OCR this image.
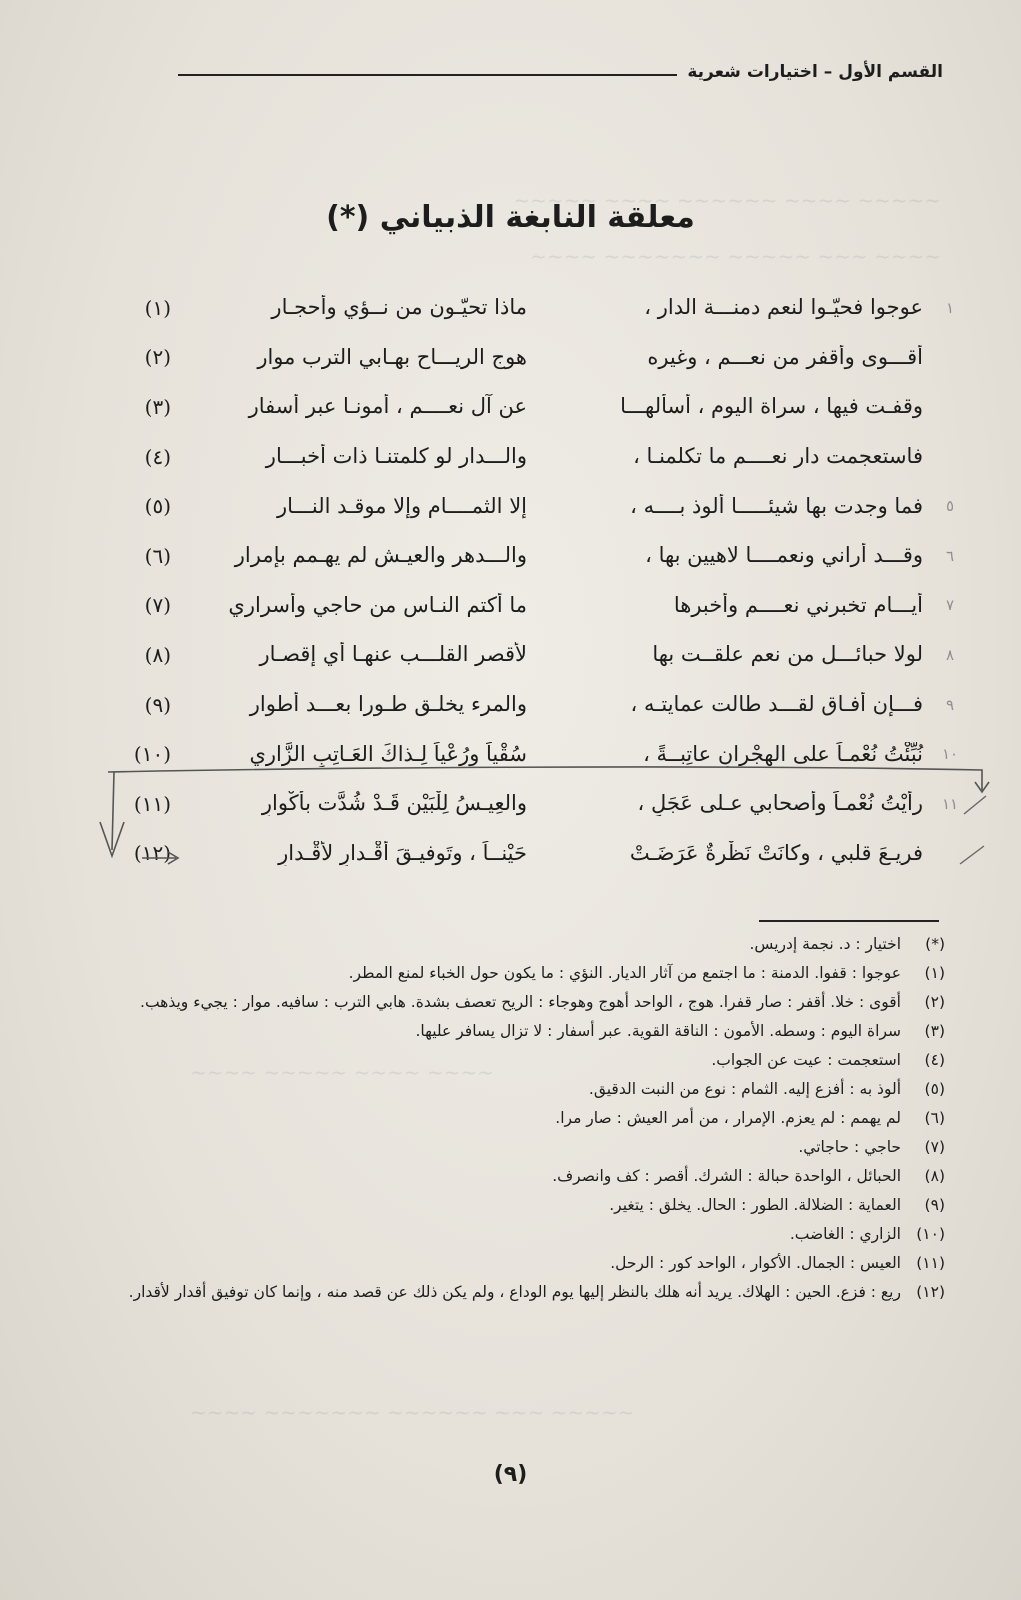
~~~~~ ~~~~ ~~~~~~ ~~~~ ~~~~~
~~~~ ~~~ ~~~~~ ~~~~~~~ ~~~~
~~~~ ~~~~ ~~~~~ ~~~~
~~~~~ ~~~ ~~~~~~ ~~~~~~~ ~~~~
القسم الأول – اختيارات شعرية
معلقة النابغة الذبياني (*)
١
عوجوا فحيّـوا لنعم دمنـــة الدار ،
ماذا تحيّـون من نــؤي وأحجـار
(١)
أقـــوى وأقفر من نعـــم ، وغيره
هوج الريـــاح بهـابي الترب موار
(٢)
وقفـت فيها ، سراة اليوم ، أسألهـــا
عن آل نعــــم ، أمونـا عبر أسفار
(٣)
فاستعجمت دار نعــــم ما تكلمنـا ،
والـــدار لو كلمتنـا ذات أخبـــار
(٤)
٥
فما وجدت بها شيئـــــا ألوذ بــــه ،
إلا الثمــــام وإلا موقـد النـــار
(٥)
٦
وقـــد أراني ونعمــــا لاهيين بها ،
والـــدهر والعيـش لم يهـمم بإمرار
(٦)
٧
أيـــام تخبرني نعــــم وأخبرها
ما أكتم النـاس من حاجي وأسراري
(٧)
٨
لولا حبائـــل من نعم علقــت بها
لأقصر القلـــب عنهـا أي إقصـار
(٨)
٩
فـــإن أفـاق لقـــد طالت عمايتـه ،
والمرء يخلـق طـورا بعـــد أطوار
(٩)
١٠
نُبِّئْتُ نُعْمـاً على الهِجْرانِ عاتِبــةً ،
سُقْياً ورُعْياً لِـذاكَ العَـاتِبِ الزَّاري
(١٠)
١١
رأيْتُ نُعْمـاً وأصحابي عـلى عَجَلٍ ،
والعِيـسُ لِلْبَيْنِ قَـدْ شُدَّت بأكْوارِ
(١١)
فريـعَ قلبي ، وكانَتْ نَظْرةٌ عَرَضَـتْ
حَيْنــاً ، وتَوفيـقَ أقْـدارٍ لأقْـدارِ
(١٢)
(*)
اختيار : د. نجمة إدريس.
(١)
عوجوا : قفوا. الدمنة : ما اجتمع من آثار الديار. النؤي : ما يكون حول الخباء لمنع المطر.
(٢)
أقوى : خلا. أقفر : صار قفرا. هوج ، الواحد أهوج وهوجاء : الريح تعصف بشدة. هابي الترب : سافيه. موار : يجيء ويذهب.
(٣)
سراة اليوم : وسطه. الأمون : الناقة القوية. عبر أسفار : لا تزال يسافر عليها.
(٤)
استعجمت : عيت عن الجواب.
(٥)
ألوذ به : أفزع إليه. الثمام : نوع من النبت الدقيق.
(٦)
لم يهمم : لم يعزم. الإمرار ، من أمر العيش : صار مرا.
(٧)
حاجي : حاجاتي.
(٨)
الحبائل ، الواحدة حبالة : الشرك. أقصر : كف وانصرف.
(٩)
العماية : الضلالة. الطور : الحال. يخلق : يتغير.
(١٠)
الزاري : الغاضب.
(١١)
العيس : الجمال. الأكوار ، الواحد كور : الرحل.
(١٢)
ريع : فزع. الحين : الهلاك. يريد أنه هلك بالنظر إليها يوم الوداع ، ولم يكن ذلك عن قصد منه ، وإنما كان توفيق أقدار لأقدار.
(٩)
